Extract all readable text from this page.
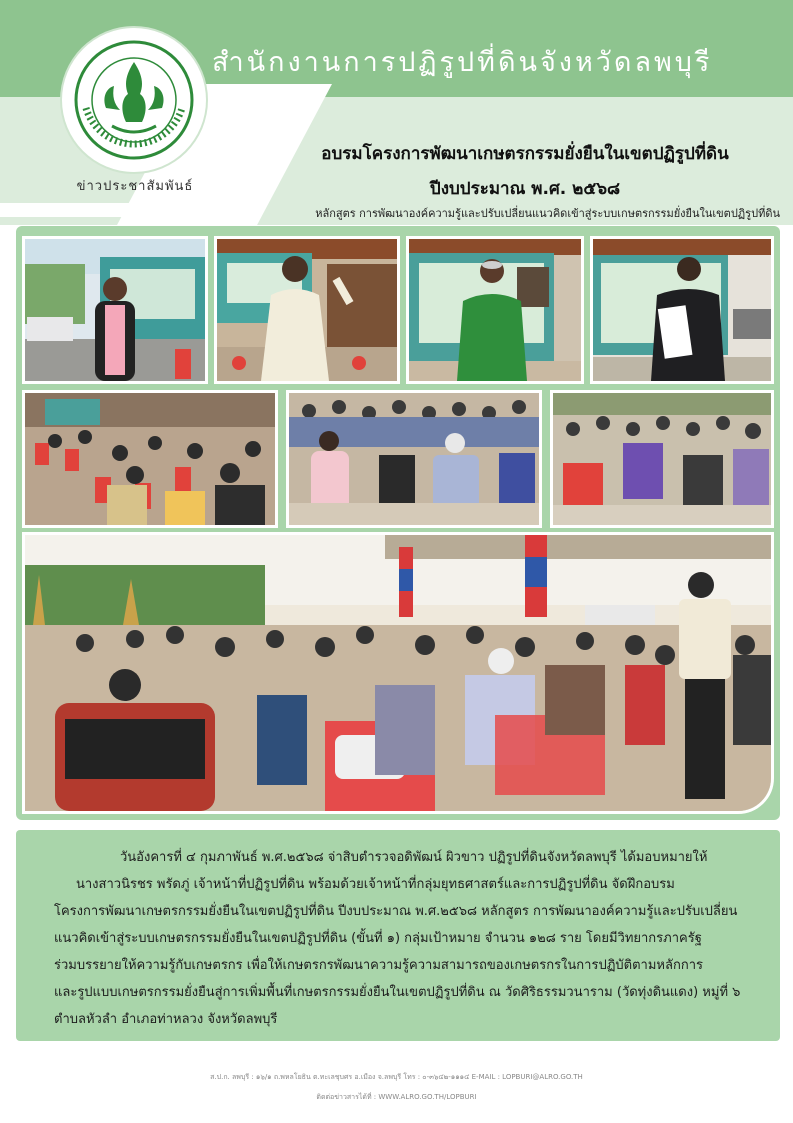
สำนักงานการปฏิรูปที่ดินจังหวัดลพบุรี
ข่าวประชาสัมพันธ์
อบรมโครงการพัฒนาเกษตรกรรมยั่งยืนในเขตปฏิรูปที่ดิน
ปีงบประมาณ พ.ศ. ๒๕๖๘
หลักสูตร การพัฒนาองค์ความรู้และปรับเปลี่ยนแนวคิดเข้าสู่ระบบเกษตรกรรมยั่งยืนในเขตปฏิรูปที่ดิน
วันอังคารที่ ๔ กุมภาพันธ์ พ.ศ.๒๕๖๘ จ่าสิบตำรวจอดิพัฒน์ ผิวขาว ปฏิรูปที่ดินจังหวัดลพบุรี ได้มอบหมายให้
นางสาวนิรชร พรัดภู่ เจ้าหน้าที่ปฏิรูปที่ดิน พร้อมด้วยเจ้าหน้าที่กลุ่มยุทธศาสตร์และการปฏิรูปที่ดิน จัดฝึกอบรม
โครงการพัฒนาเกษตรกรรมยั่งยืนในเขตปฏิรูปที่ดิน ปีงบประมาณ พ.ศ.๒๕๖๘ หลักสูตร การพัฒนาองค์ความรู้และปรับเปลี่ยน
แนวคิดเข้าสู่ระบบเกษตรกรรมยั่งยืนในเขตปฏิรูปที่ดิน (ขั้นที่ ๑) กลุ่มเป้าหมาย จำนวน ๑๒๘ ราย โดยมีวิทยากรภาครัฐ
ร่วมบรรยายให้ความรู้กับเกษตรกร เพื่อให้เกษตรกรพัฒนาความรู้ความสามารถของเกษตรกรในการปฏิบัติตามหลักการ
และรูปแบบเกษตรกรรมยั่งยืนสู่การเพิ่มพื้นที่เกษตรกรรมยั่งยืนในเขตปฏิรูปที่ดิน ณ วัดศิริธรรมวนาราม (วัดทุ่งดินแดง) หมู่ที่ ๖
ตำบลหัวลำ อำเภอท่าหลวง จังหวัดลพบุรี
ส.ป.ก. ลพบุรี : ๑๖/๑ ถ.พหลโยธิน ต.ทะเลชุบศร อ.เมือง จ.ลพบุรี โทร : ๐-๓๖๔๒-๑๑๑๔ E-MAIL : LOPBURI@ALRO.GO.TH
ติดต่อข่าวสารได้ที่ : WWW.ALRO.GO.TH/LOPBURI
